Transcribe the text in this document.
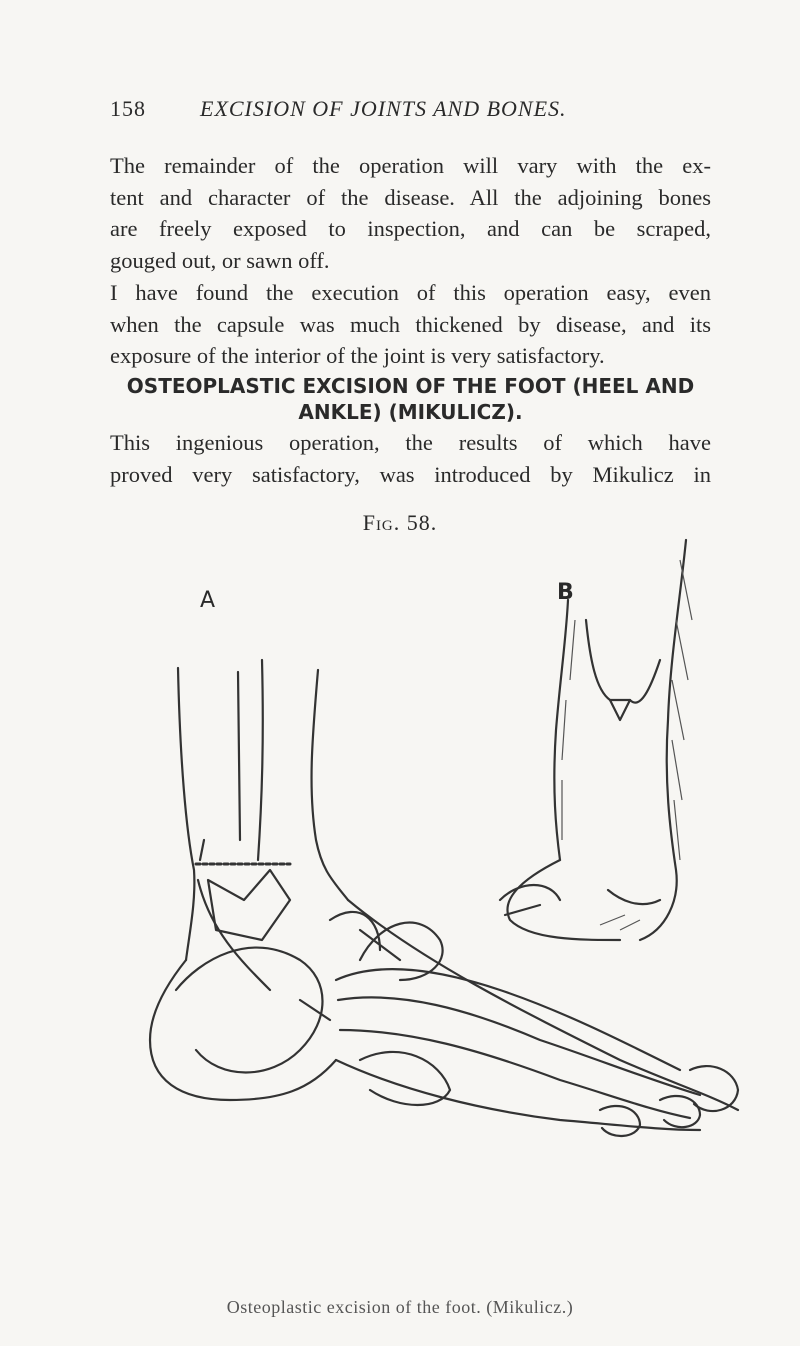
158 EXCISION OF JOINTS AND BONES.
The remainder of the operation will vary with the ex-
tent and character of the disease. All the adjoining bones
are freely exposed to inspection, and can be scraped,
gouged out, or sawn off.
I have found the execution of this operation easy, even
when the capsule was much thickened by disease, and its
exposure of the interior of the joint is very satisfactory.
OSTEOPLASTIC EXCISION OF THE FOOT (HEEL AND
ANKLE) (MIKULICZ).
This ingenious operation, the results of which have
proved very satisfactory, was introduced by Mikulicz in
Fig. 58.
A	B
Osteoplastic excision of the foot. (Mikulicz.)
